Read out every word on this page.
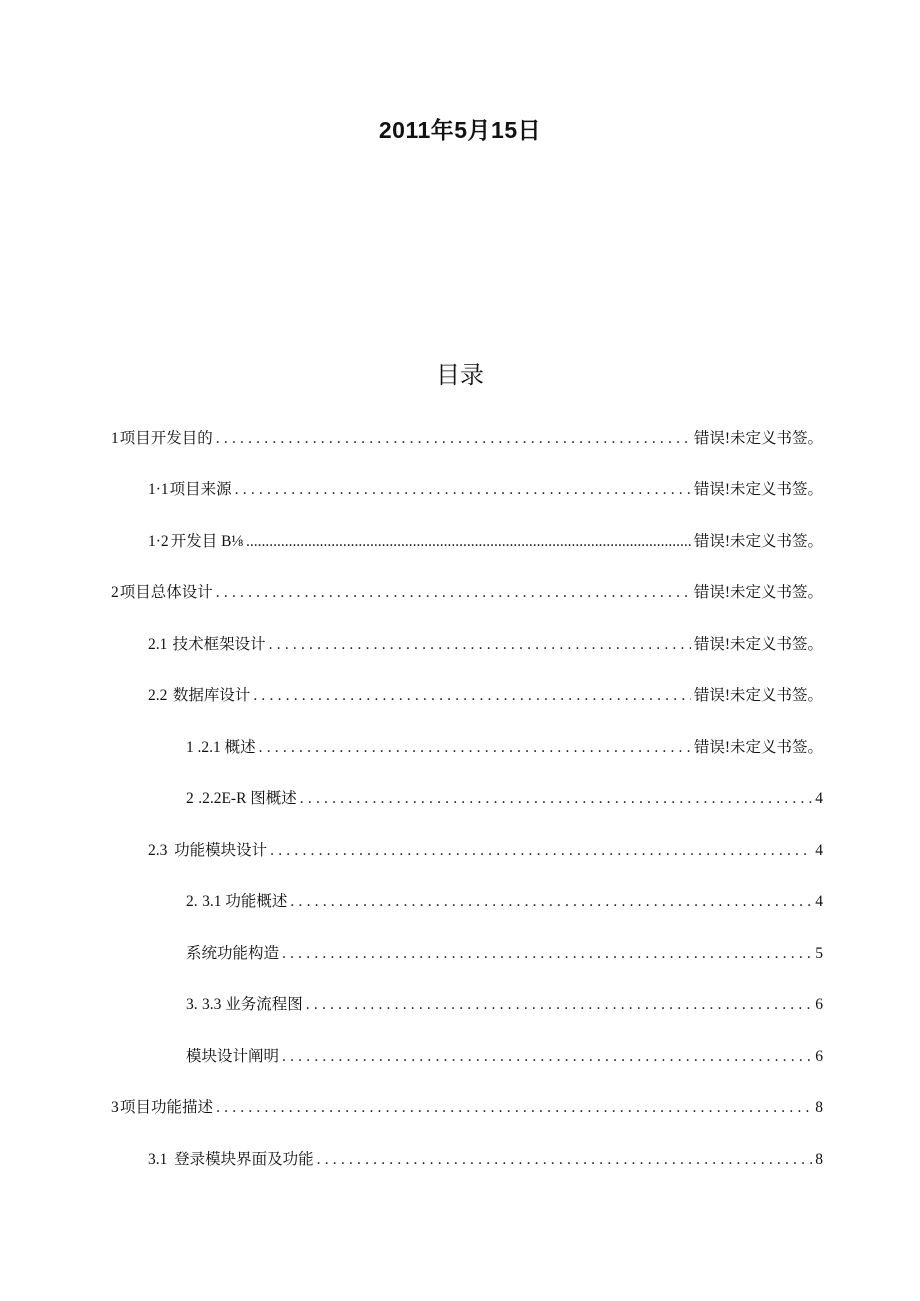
2011年5月15日
目录
1 项目开发目的 .....	错误!未定义书签。
1·1 项目来源 .....	错误!未定义书签。
1·2 开发目 B⅛ .....	错误!未定义书签。
2 项目总体设计 .....	错误!未定义书签。
2.1 技术框架设计 .....	错误!未定义书签。
2.2 数据库设计 .....	错误!未定义书签。
1 .2.1 概述 .....	错误!未定义书签。
2 .2.2E-R 图概述 .....	4
2.3 功能模块设计 .....	4
2. 3.1 功能概述 .....	4
系统功能构造 .....	5
3. 3.3 业务流程图 .....	6
模块设计阐明 .....	6
3 项目功能描述 .....	8
3.1 登录模块界面及功能 .....	8
